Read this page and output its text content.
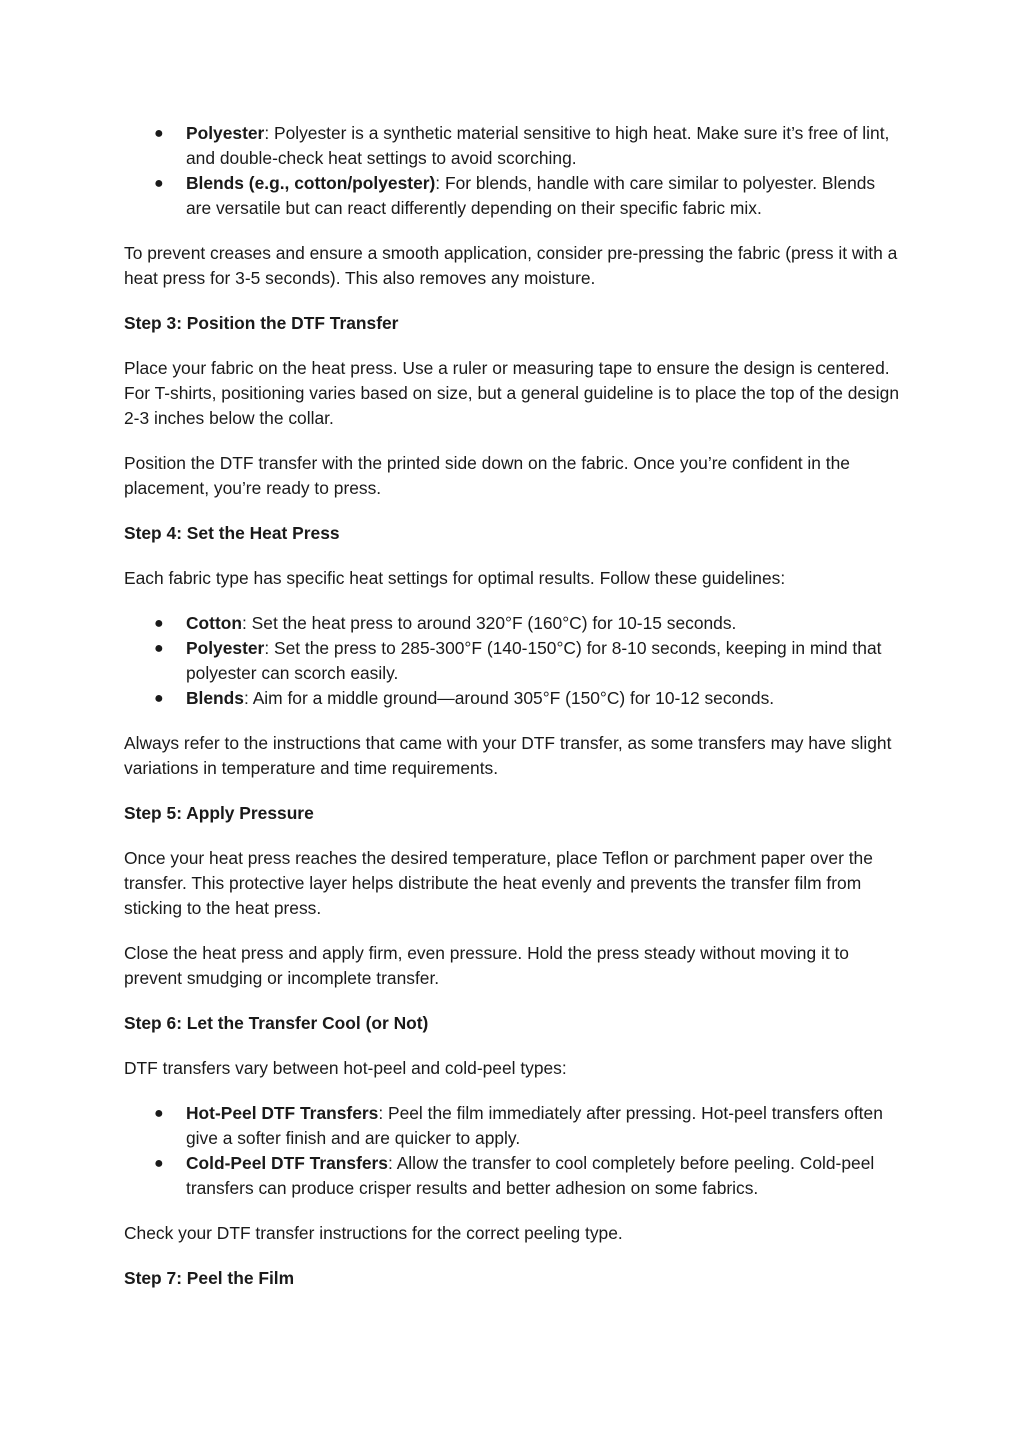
● Polyester: Polyester is a synthetic material sensitive to high heat. Make sure it’s free of lint, and double-check heat settings to avoid scorching.
● Blends (e.g., cotton/polyester): For blends, handle with care similar to polyester. Blends are versatile but can react differently depending on their specific fabric mix.

To prevent creases and ensure a smooth application, consider pre-pressing the fabric (press it with a heat press for 3-5 seconds). This also removes any moisture.

Step 3: Position the DTF Transfer

Place your fabric on the heat press. Use a ruler or measuring tape to ensure the design is centered. For T-shirts, positioning varies based on size, but a general guideline is to place the top of the design 2-3 inches below the collar.

Position the DTF transfer with the printed side down on the fabric. Once you’re confident in the placement, you’re ready to press.

Step 4: Set the Heat Press

Each fabric type has specific heat settings for optimal results. Follow these guidelines:

● Cotton: Set the heat press to around 320°F (160°C) for 10-15 seconds.
● Polyester: Set the press to 285-300°F (140-150°C) for 8-10 seconds, keeping in mind that polyester can scorch easily.
● Blends: Aim for a middle ground—around 305°F (150°C) for 10-12 seconds.

Always refer to the instructions that came with your DTF transfer, as some transfers may have slight variations in temperature and time requirements.

Step 5: Apply Pressure

Once your heat press reaches the desired temperature, place Teflon or parchment paper over the transfer. This protective layer helps distribute the heat evenly and prevents the transfer film from sticking to the heat press.

Close the heat press and apply firm, even pressure. Hold the press steady without moving it to prevent smudging or incomplete transfer.

Step 6: Let the Transfer Cool (or Not)

DTF transfers vary between hot-peel and cold-peel types:

● Hot-Peel DTF Transfers: Peel the film immediately after pressing. Hot-peel transfers often give a softer finish and are quicker to apply.
● Cold-Peel DTF Transfers: Allow the transfer to cool completely before peeling. Cold-peel transfers can produce crisper results and better adhesion on some fabrics.

Check your DTF transfer instructions for the correct peeling type.

Step 7: Peel the Film
